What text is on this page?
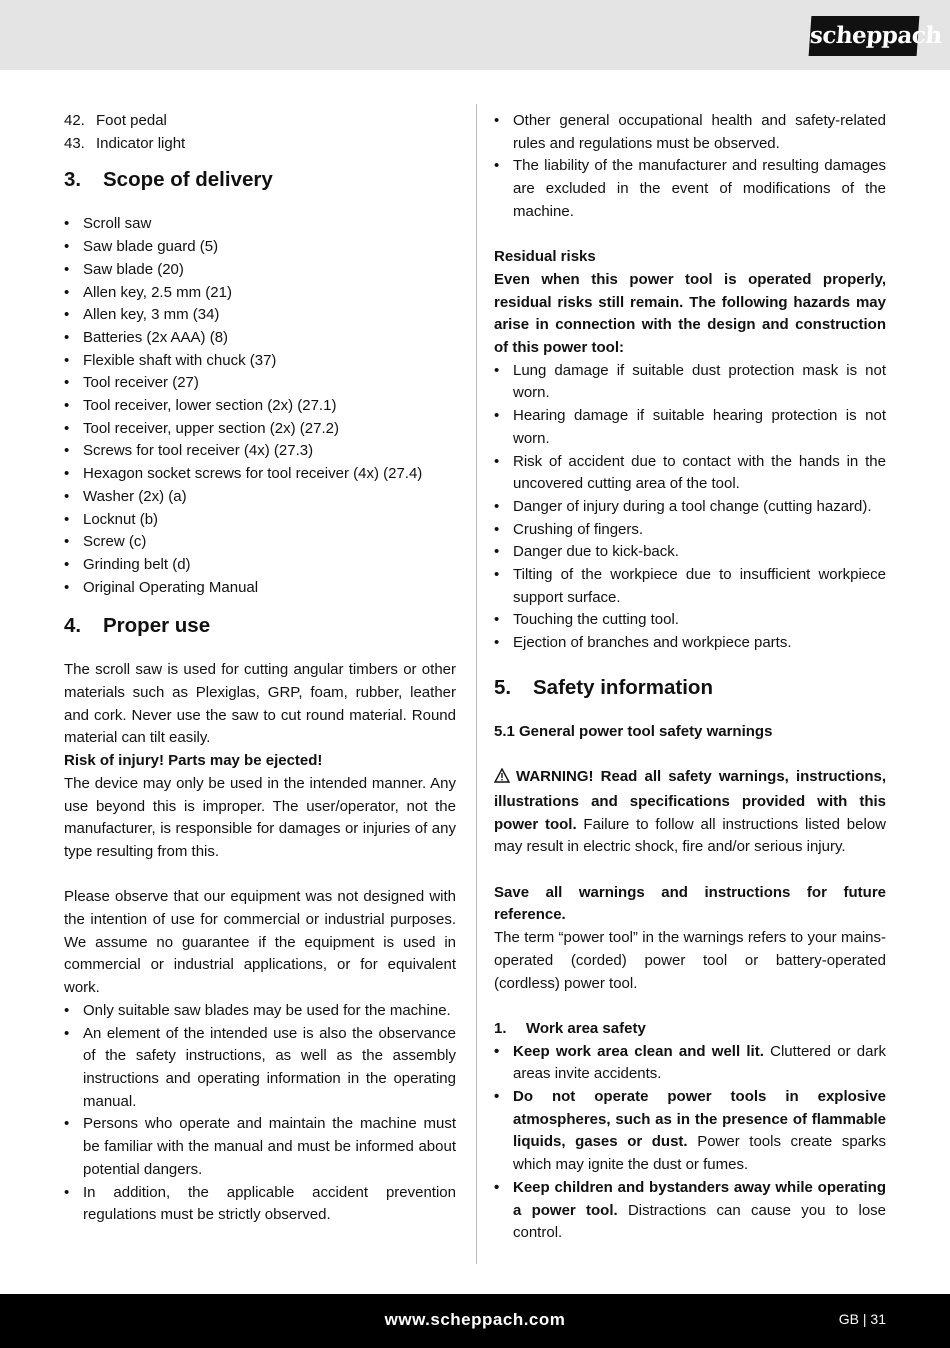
scheppach
42. Foot pedal
43. Indicator light
3. Scope of delivery
• Scroll saw
• Saw blade guard (5)
• Saw blade (20)
• Allen key, 2.5 mm (21)
• Allen key, 3 mm (34)
• Batteries (2x AAA) (8)
• Flexible shaft with chuck (37)
• Tool receiver (27)
• Tool receiver, lower section (2x) (27.1)
• Tool receiver, upper section (2x) (27.2)
• Screws for tool receiver (4x) (27.3)
• Hexagon socket screws for tool receiver (4x) (27.4)
• Washer (2x) (a)
• Locknut (b)
• Screw (c)
• Grinding belt (d)
• Original Operating Manual
4. Proper use

The scroll saw is used for cutting angular timbers or other materials such as Plexiglas, GRP, foam, rubber, leather and cork. Never use the saw to cut round material. Round material can tilt easily.

Risk of injury! Parts may be ejected!

The device may only be used in the intended manner. Any use beyond this is improper. The user/operator, not the manufacturer, is responsible for damages or injuries of any type resulting from this.

Please observe that our equipment was not designed with the intention of use for commercial or industrial purposes. We assume no guarantee if the equipment is used in commercial or industrial applications, or for equivalent work.

• Only suitable saw blades may be used for the machine.
• An element of the intended use is also the observance of the safety instructions, as well as the assembly instructions and operating information in the operating manual.
• Persons who operate and maintain the machine must be familiar with the manual and must be informed about potential dangers.
• In addition, the applicable accident prevention regulations must be strictly observed.
• Other general occupational health and safety-related rules and regulations must be observed.
• The liability of the manufacturer and resulting damages are excluded in the event of modifications of the machine.

Residual risks

Even when this power tool is operated properly, residual risks still remain. The following hazards may arise in connection with the design and construction of this power tool:

• Lung damage if suitable dust protection mask is not worn.
• Hearing damage if suitable hearing protection is not worn.
• Risk of accident due to contact with the hands in the uncovered cutting area of the tool.
• Danger of injury during a tool change (cutting hazard).
• Crushing of fingers.
• Danger due to kick-back.
• Tilting of the workpiece due to insufficient workpiece support surface.
• Touching the cutting tool.
• Ejection of branches and workpiece parts.
5. Safety information

5.1 General power tool safety warnings

WARNING! Read all safety warnings, instructions, illustrations and specifications provided with this power tool. Failure to follow all instructions listed below may result in electric shock, fire and/or serious injury.

Save all warnings and instructions for future reference.

The term “power tool” in the warnings refers to your mains-operated (corded) power tool or battery-operated (cordless) power tool.

1. Work area safety

• Keep work area clean and well lit. Cluttered or dark areas invite accidents.
• Do not operate power tools in explosive atmospheres, such as in the presence of flammable liquids, gases or dust. Power tools create sparks which may ignite the dust or fumes.
• Keep children and bystanders away while operating a power tool. Distractions can cause you to lose control.
www.scheppach.com	GB | 31
